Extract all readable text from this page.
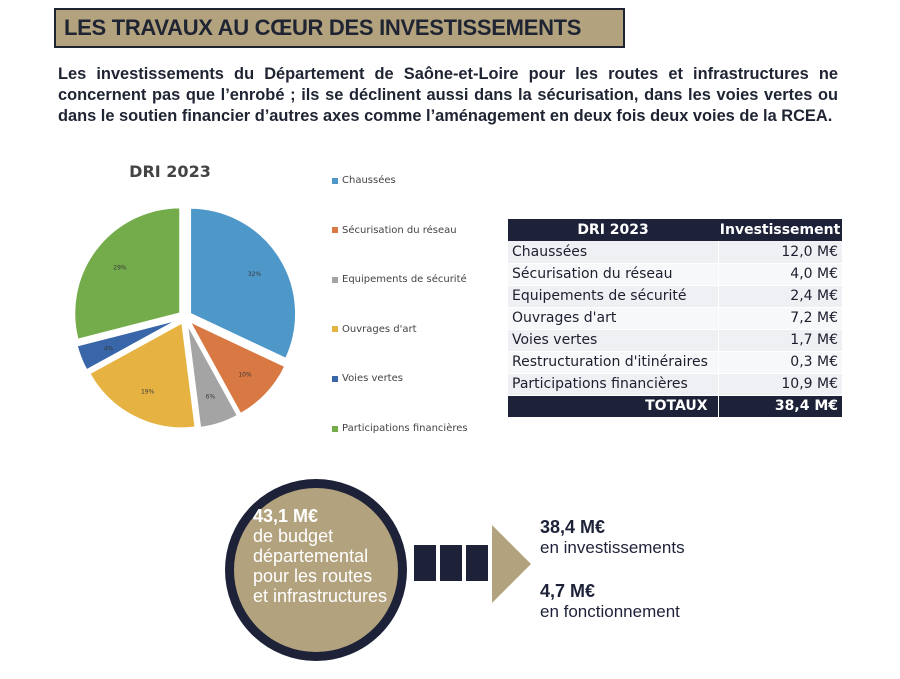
LES TRAVAUX AU CŒUR DES INVESTISSEMENTS

Les investissements du Département de Saône-et-Loire pour les routes et infrastructures ne concernent pas que l’enrobé ; ils se déclinent aussi dans la sécurisation, dans les voies vertes ou dans le soutien financier d’autres axes comme l’aménagement en deux fois deux voies de la RCEA.

DRI 2023
32%
10%
6%
19%
4%
29%
Chaussées
Sécurisation du réseau
Equipements de sécurité
Ouvrages d'art
Voies vertes
Participations financières
DRI 2023	Investissement
Chaussées	12,0 M€
Sécurisation du réseau	4,0 M€
Equipements de sécurité	2,4 M€
Ouvrages d'art	7,2 M€
Voies vertes	1,7 M€
Restructuration d'itinéraires	0,3 M€
Participations financières	10,9 M€
TOTAUX	38,4 M€
43,1 M€
de budget
départemental
pour les routes
et infrastructures
38,4 M€
en investissements
4,7 M€
en fonctionnement
